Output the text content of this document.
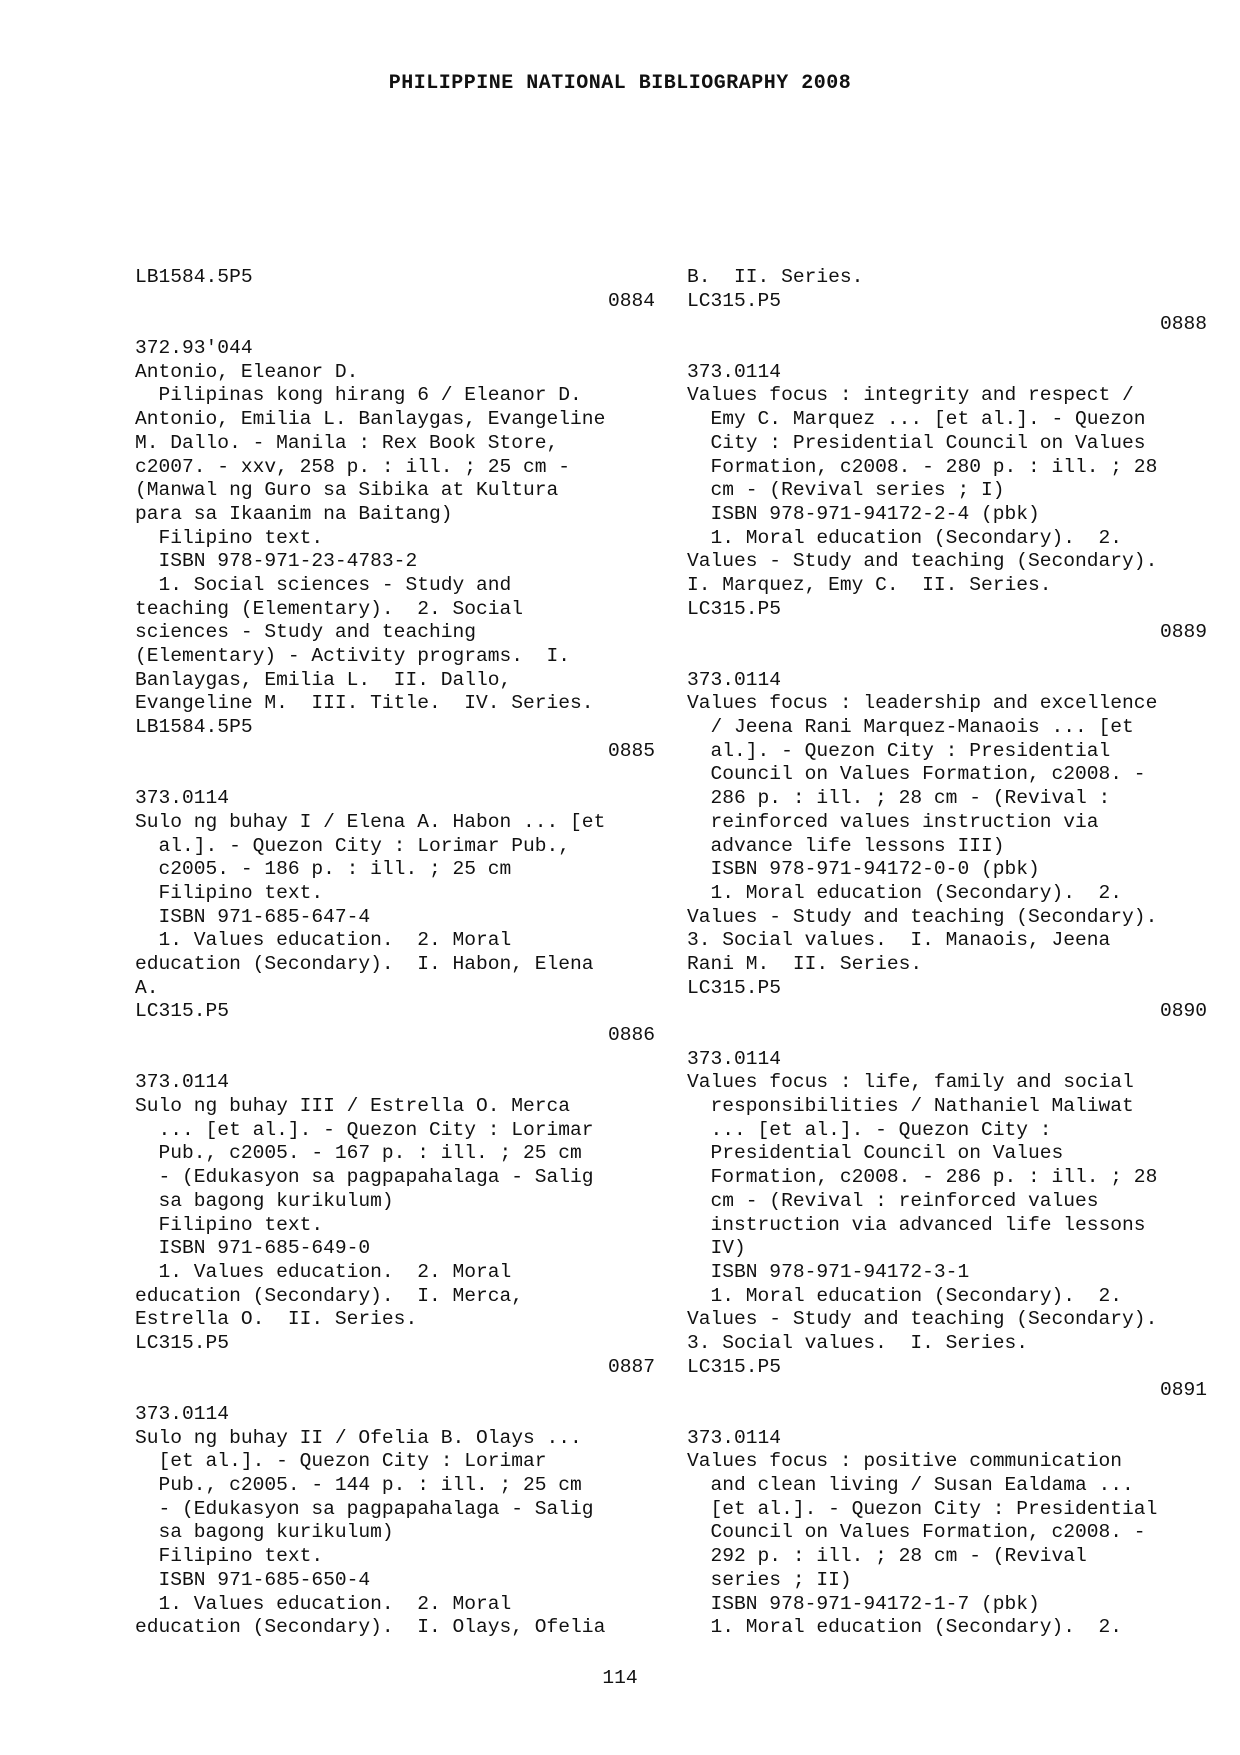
PHILIPPINE NATIONAL BIBLIOGRAPHY 2008
LB1584.5P5
0884
372.93'044
Antonio, Eleanor D.
Pilipinas kong hirang 6 / Eleanor D.
Antonio, Emilia L. Banlaygas, Evangeline
M. Dallo. - Manila : Rex Book Store,
c2007. - xxv, 258 p. : ill. ; 25 cm -
(Manwal ng Guro sa Sibika at Kultura
para sa Ikaanim na Baitang)
Filipino text.
ISBN 978-971-23-4783-2
1. Social sciences - Study and
teaching (Elementary).  2. Social
sciences - Study and teaching
(Elementary) - Activity programs.  I.
Banlaygas, Emilia L.  II. Dallo,
Evangeline M.  III. Title.  IV. Series.
LB1584.5P5
0885
373.0114
Sulo ng buhay I / Elena A. Habon ... [et
al.]. - Quezon City : Lorimar Pub.,
c2005. - 186 p. : ill. ; 25 cm
Filipino text.
ISBN 971-685-647-4
1. Values education.  2. Moral
education (Secondary).  I. Habon, Elena
A.
LC315.P5
0886
373.0114
Sulo ng buhay III / Estrella O. Merca
... [et al.]. - Quezon City : Lorimar
Pub., c2005. - 167 p. : ill. ; 25 cm
- (Edukasyon sa pagpapahalaga - Salig
sa bagong kurikulum)
Filipino text.
ISBN 971-685-649-0
1. Values education.  2. Moral
education (Secondary).  I. Merca,
Estrella O.  II. Series.
LC315.P5
0887
373.0114
Sulo ng buhay II / Ofelia B. Olays ...
[et al.]. - Quezon City : Lorimar
Pub., c2005. - 144 p. : ill. ; 25 cm
- (Edukasyon sa pagpapahalaga - Salig
sa bagong kurikulum)
Filipino text.
ISBN 971-685-650-4
1. Values education.  2. Moral
education (Secondary).  I. Olays, Ofelia
B.  II. Series.
LC315.P5
0888
373.0114
Values focus : integrity and respect /
Emy C. Marquez ... [et al.]. - Quezon
City : Presidential Council on Values
Formation, c2008. - 280 p. : ill. ; 28
cm - (Revival series ; I)
ISBN 978-971-94172-2-4 (pbk)
1. Moral education (Secondary).  2.
Values - Study and teaching (Secondary).
I. Marquez, Emy C.  II. Series.
LC315.P5
0889
373.0114
Values focus : leadership and excellence
/ Jeena Rani Marquez-Manaois ... [et
al.]. - Quezon City : Presidential
Council on Values Formation, c2008. -
286 p. : ill. ; 28 cm - (Revival :
reinforced values instruction via
advance life lessons III)
ISBN 978-971-94172-0-0 (pbk)
1. Moral education (Secondary).  2.
Values - Study and teaching (Secondary).
3. Social values.  I. Manaois, Jeena
Rani M.  II. Series.
LC315.P5
0890
373.0114
Values focus : life, family and social
responsibilities / Nathaniel Maliwat
... [et al.]. - Quezon City :
Presidential Council on Values
Formation, c2008. - 286 p. : ill. ; 28
cm - (Revival : reinforced values
instruction via advanced life lessons
IV)
ISBN 978-971-94172-3-1
1. Moral education (Secondary).  2.
Values - Study and teaching (Secondary).
3. Social values.  I. Series.
LC315.P5
0891
373.0114
Values focus : positive communication
and clean living / Susan Ealdama ...
[et al.]. - Quezon City : Presidential
Council on Values Formation, c2008. -
292 p. : ill. ; 28 cm - (Revival
series ; II)
ISBN 978-971-94172-1-7 (pbk)
1. Moral education (Secondary).  2.
114
